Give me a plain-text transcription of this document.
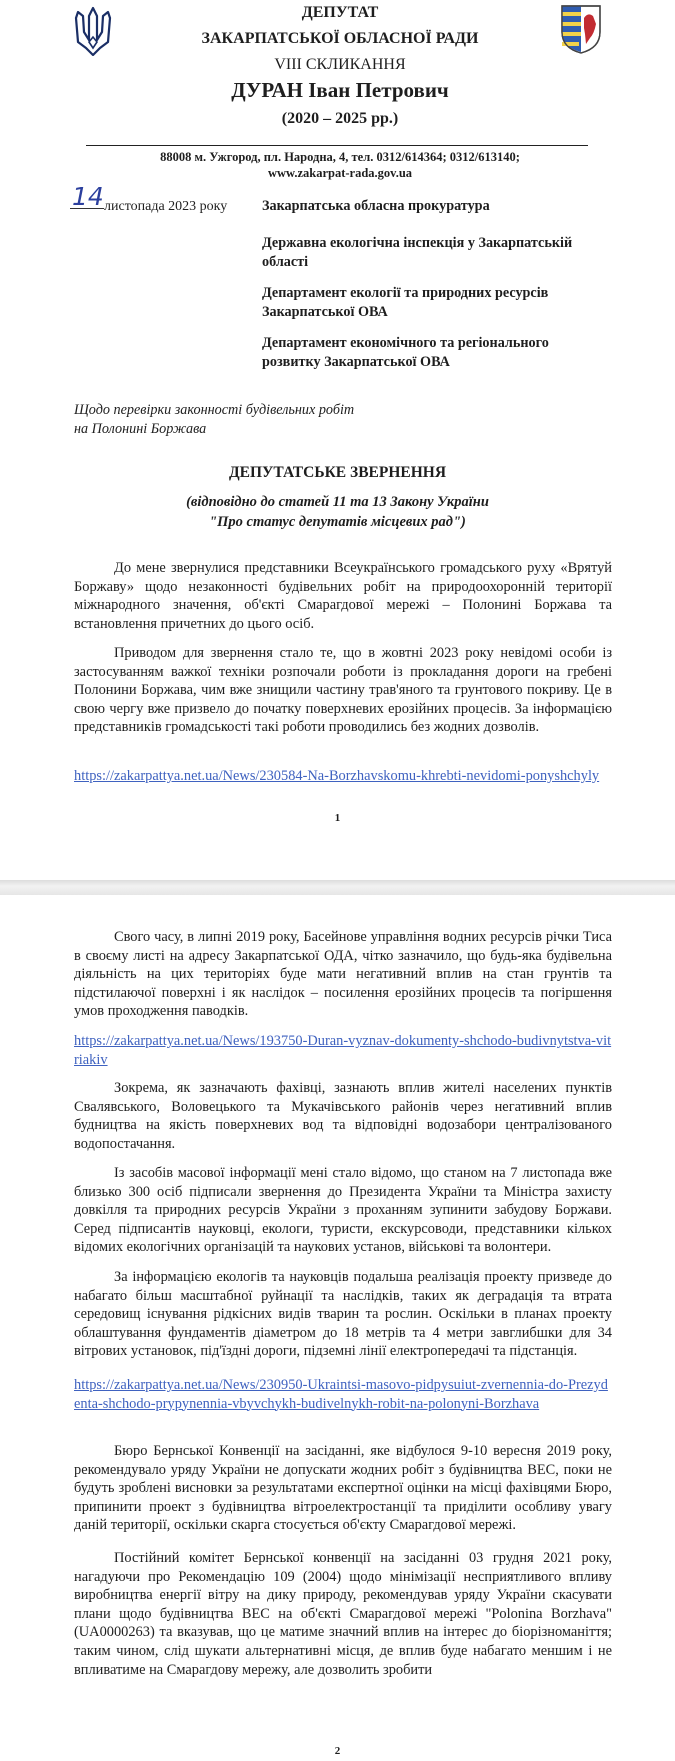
ДЕПУТАТ
ЗАКАРПАТСЬКОЇ ОБЛАСНОЇ РАДИ
VIII СКЛИКАННЯ
ДУРАН Іван Петрович
(2020 – 2025 рр.)
88008 м. Ужгород, пл. Народна, 4, тел. 0312/614364; 0312/613140;
www.zakarpat-rada.gov.ua
14 листопада 2023 року Закарпатська обласна прокуратура
Державна екологічна інспекція у Закарпатській області
Департамент екології та природних ресурсів Закарпатської ОВА
Департамент економічного та регіонального розвитку Закарпатської ОВА
Щодо перевірки законності будівельних робіт
на Полонині Боржава
ДЕПУТАТСЬКЕ ЗВЕРНЕННЯ
(відповідно до статей 11 та 13 Закону України
"Про статус депутатів місцевих рад")

До мене звернулися представники Всеукраїнського громадського руху «Врятуй Боржаву» щодо незаконності будівельних робіт на природоохоронній території міжнародного значення, об'єкті Смарагдової мережі – Полонині Боржава та встановлення причетних до цього осіб.

Приводом для звернення стало те, що в жовтні 2023 року невідомі особи із застосуванням важкої техніки розпочали роботи із прокладання дороги на гребені Полонини Боржава, чим вже знищили частину трав'яного та грунтового покриву. Це в свою чергу вже призвело до початку поверхневих ерозійних процесів. За інформацією представників громадськості такі роботи проводились без жодних дозволів.

https://zakarpattya.net.ua/News/230584-Na-Borzhavskomu-khrebti-nevidomi-ponyshchyly
1

Свого часу, в липні 2019 року, Басейнове управління водних ресурсів річки Тиса в своєму листі на адресу Закарпатської ОДА, чітко зазначило, що будь-яка будівельна діяльність на цих територіях буде мати негативний вплив на стан грунтів та підстилаючої поверхні і як наслідок – посилення ерозійних процесів та погіршення умов проходження паводків.

https://zakarpattya.net.ua/News/193750-Duran-vyznav-dokumenty-shchodo-budivnytstva-vitriakiv

Зокрема, як зазначають фахівці, зазнають вплив жителі населених пунктів Свалявського, Воловецького та Мукачівського районів через негативний вплив будництва на якість поверхневих вод та відповідні водозабори централізованого водопостачання.

Із засобів масової інформації мені стало відомо, що станом на 7 листопада вже близько 300 осіб підписали звернення до Президента України та Міністра захисту довкілля та природних ресурсів України з проханням зупинити забудову Боржави. Серед підписантів науковці, екологи, туристи, екскурсоводи, представники кількох відомих екологічних організацій та наукових установ, військові та волонтери.

За інформацією екологів та науковців подальша реалізація проекту призведе до набагато більш масштабної руйнації та наслідків, таких як деградація та втрата середовищ існування рідкісних видів тварин та рослин. Оскільки в планах проекту облаштування фундаментів діаметром до 18 метрів та 4 метри завглибшки для 34 вітрових установок, під'їздні дороги, підземні лінії електропередачі та підстанція.

https://zakarpattya.net.ua/News/230950-Ukraintsi-masovo-pidpysuiut-zvernennia-do-Prezydenta-shchodo-prypynennia-vbyvchykh-budivelnykh-robit-na-polonyni-Borzhava

Бюро Бернської Конвенції на засіданні, яке відбулося 9-10 вересня 2019 року, рекомендувало уряду України не допускати жодних робіт з будівництва ВЕС, поки не будуть зроблені висновки за результатами експертної оцінки на місці фахівцями Бюро, припинити проект з будівництва вітроелектростанції та приділити особливу увагу даній території, оскільки скарга стосується об'єкту Смарагдової мережі.

Постійний комітет Бернської конвенції на засіданні 03 грудня 2021 року, нагадуючи про Рекомендацію 109 (2004) щодо мінімізації несприятливого впливу виробництва енергії вітру на дику природу, рекомендував уряду України скасувати плани щодо будівництва ВЕС на об'єкті Смарагдової мережі "Polonina Borzhava" (UA0000263) та вказував, що це матиме значний вплив на інтерес до біорізноманіття; таким чином, слід шукати альтернативні місця, де вплив буде набагато меншим і не впливатиме на Смарагдову мережу, але дозволить зробити

2
